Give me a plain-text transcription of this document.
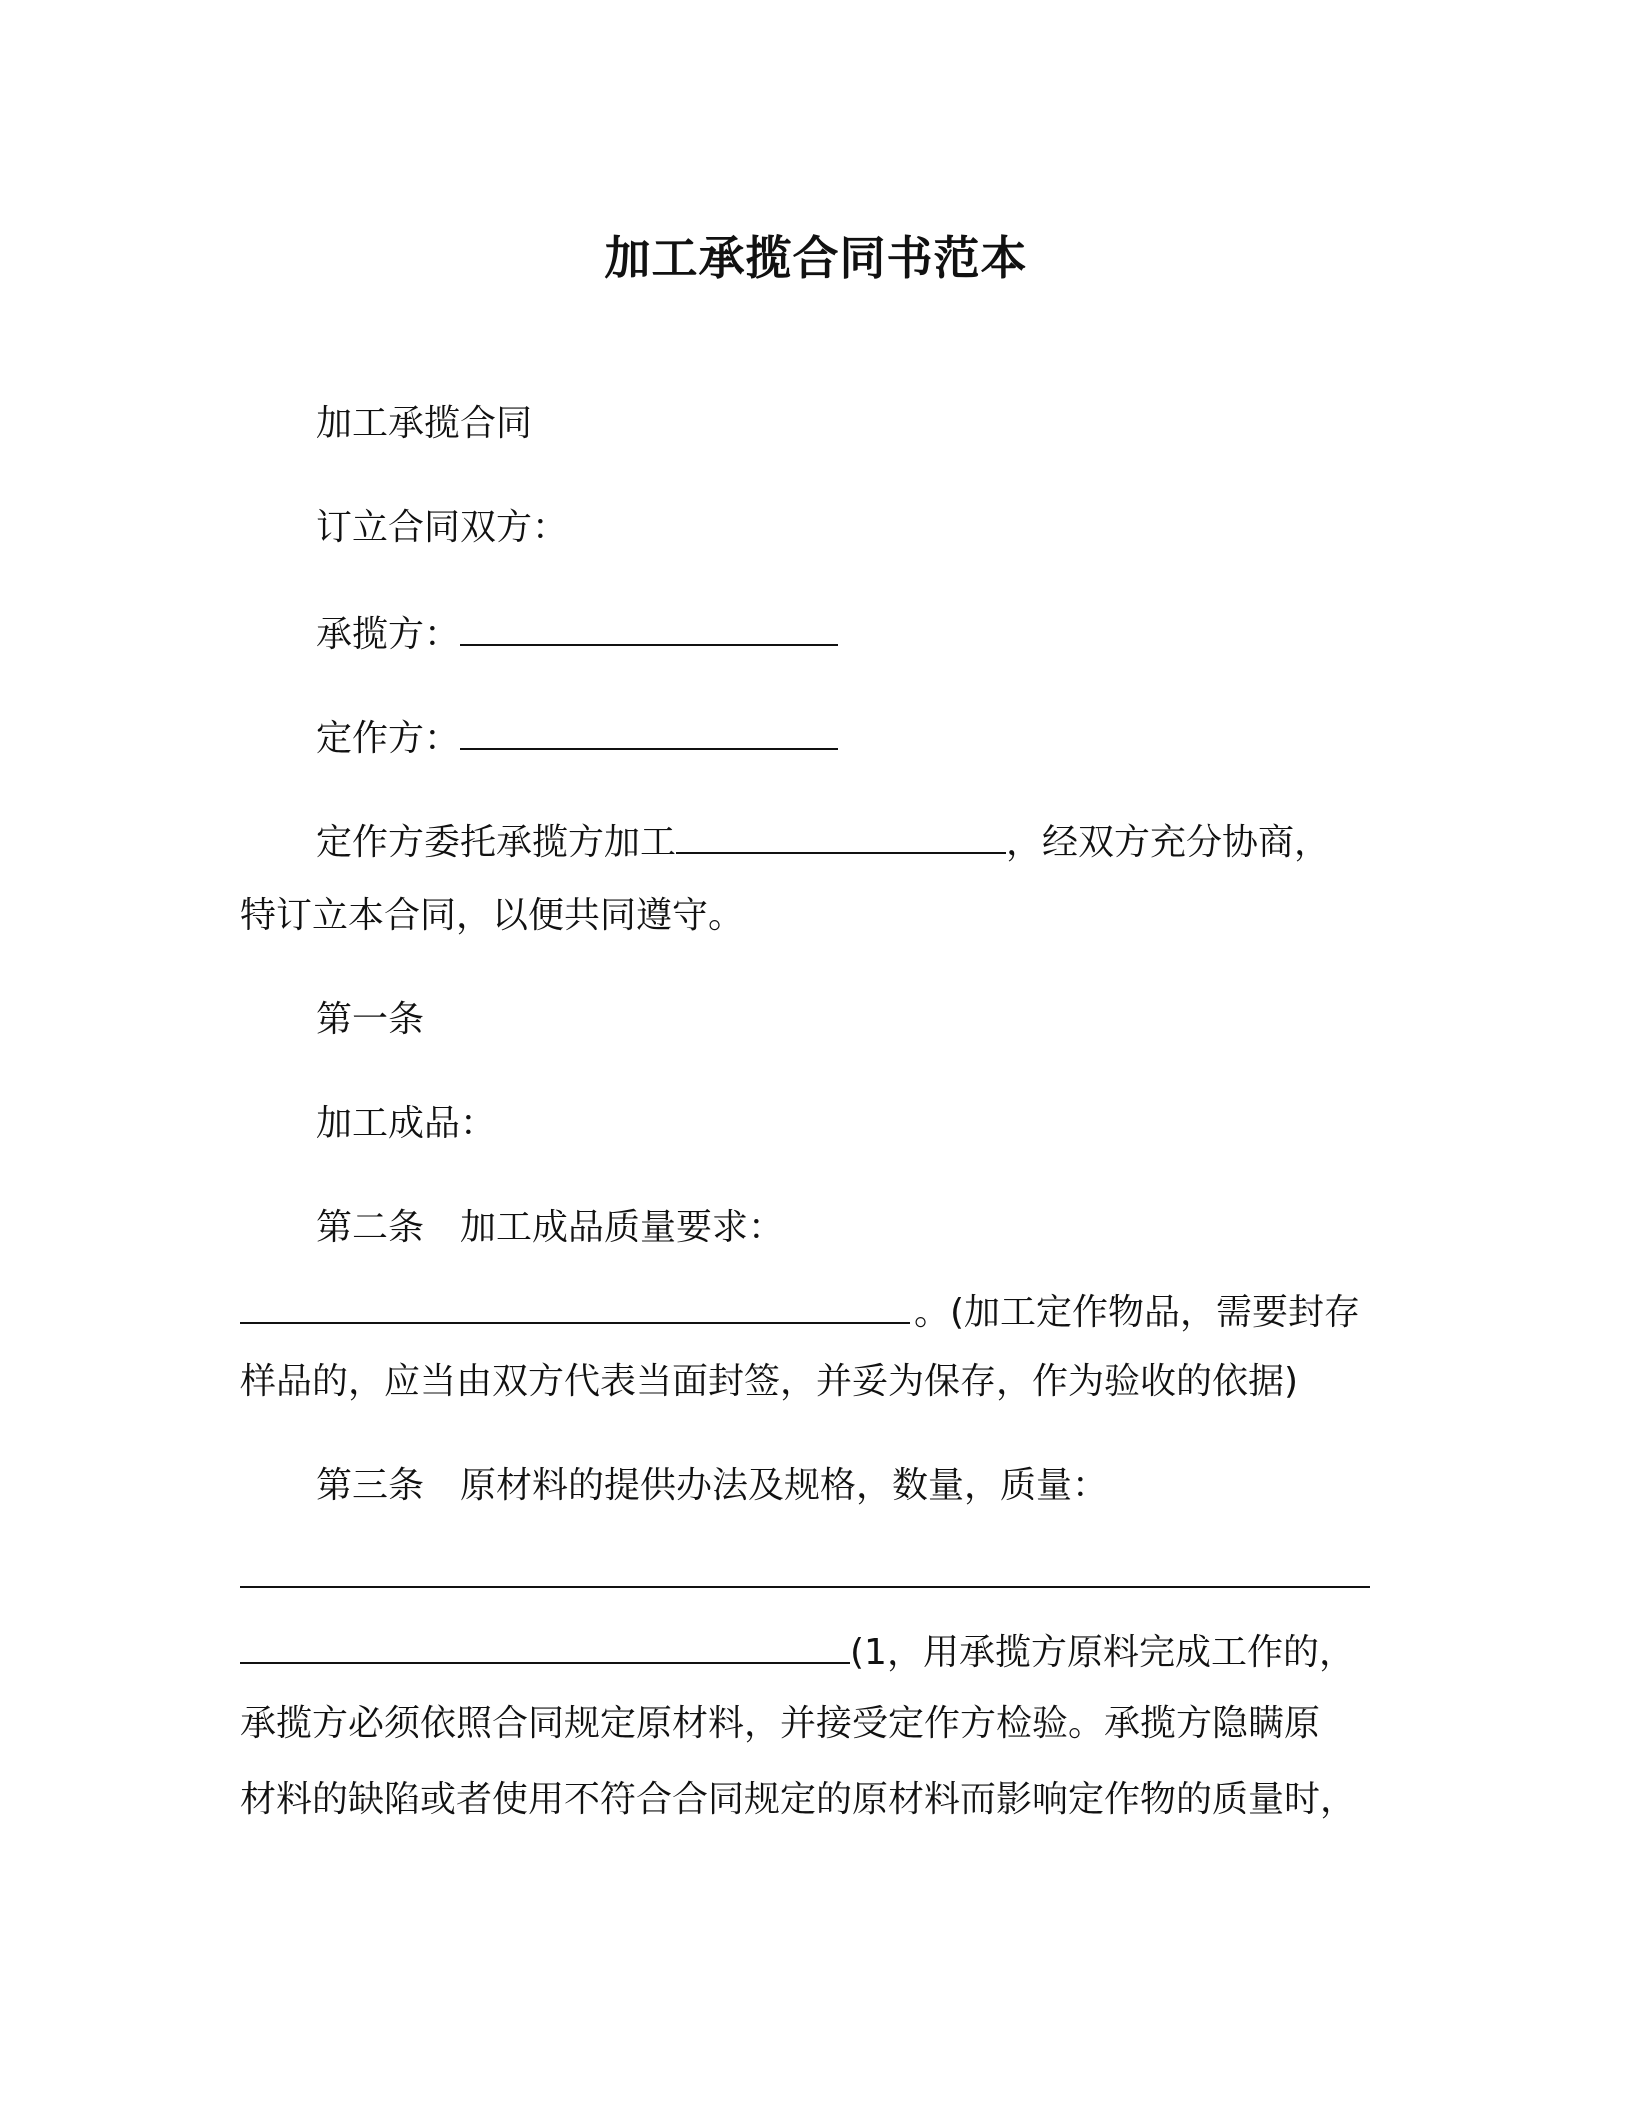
加工承揽合同书范本
加工承揽合同
订立合同双方：
承揽方：
定作方：
定作方委托承揽方加工	，经双方充分协商，
特订立本合同，以便共同遵守。
第一条
加工成品：
第二条　加工成品质量要求：
。(加工定作物品，需要封存
样品的，应当由双方代表当面封签，并妥为保存，作为验收的依据)
第三条　原材料的提供办法及规格，数量，质量：
(1，用承揽方原料完成工作的，
承揽方必须依照合同规定原材料，并接受定作方检验。承揽方隐瞒原
材料的缺陷或者使用不符合合同规定的原材料而影响定作物的质量时，
